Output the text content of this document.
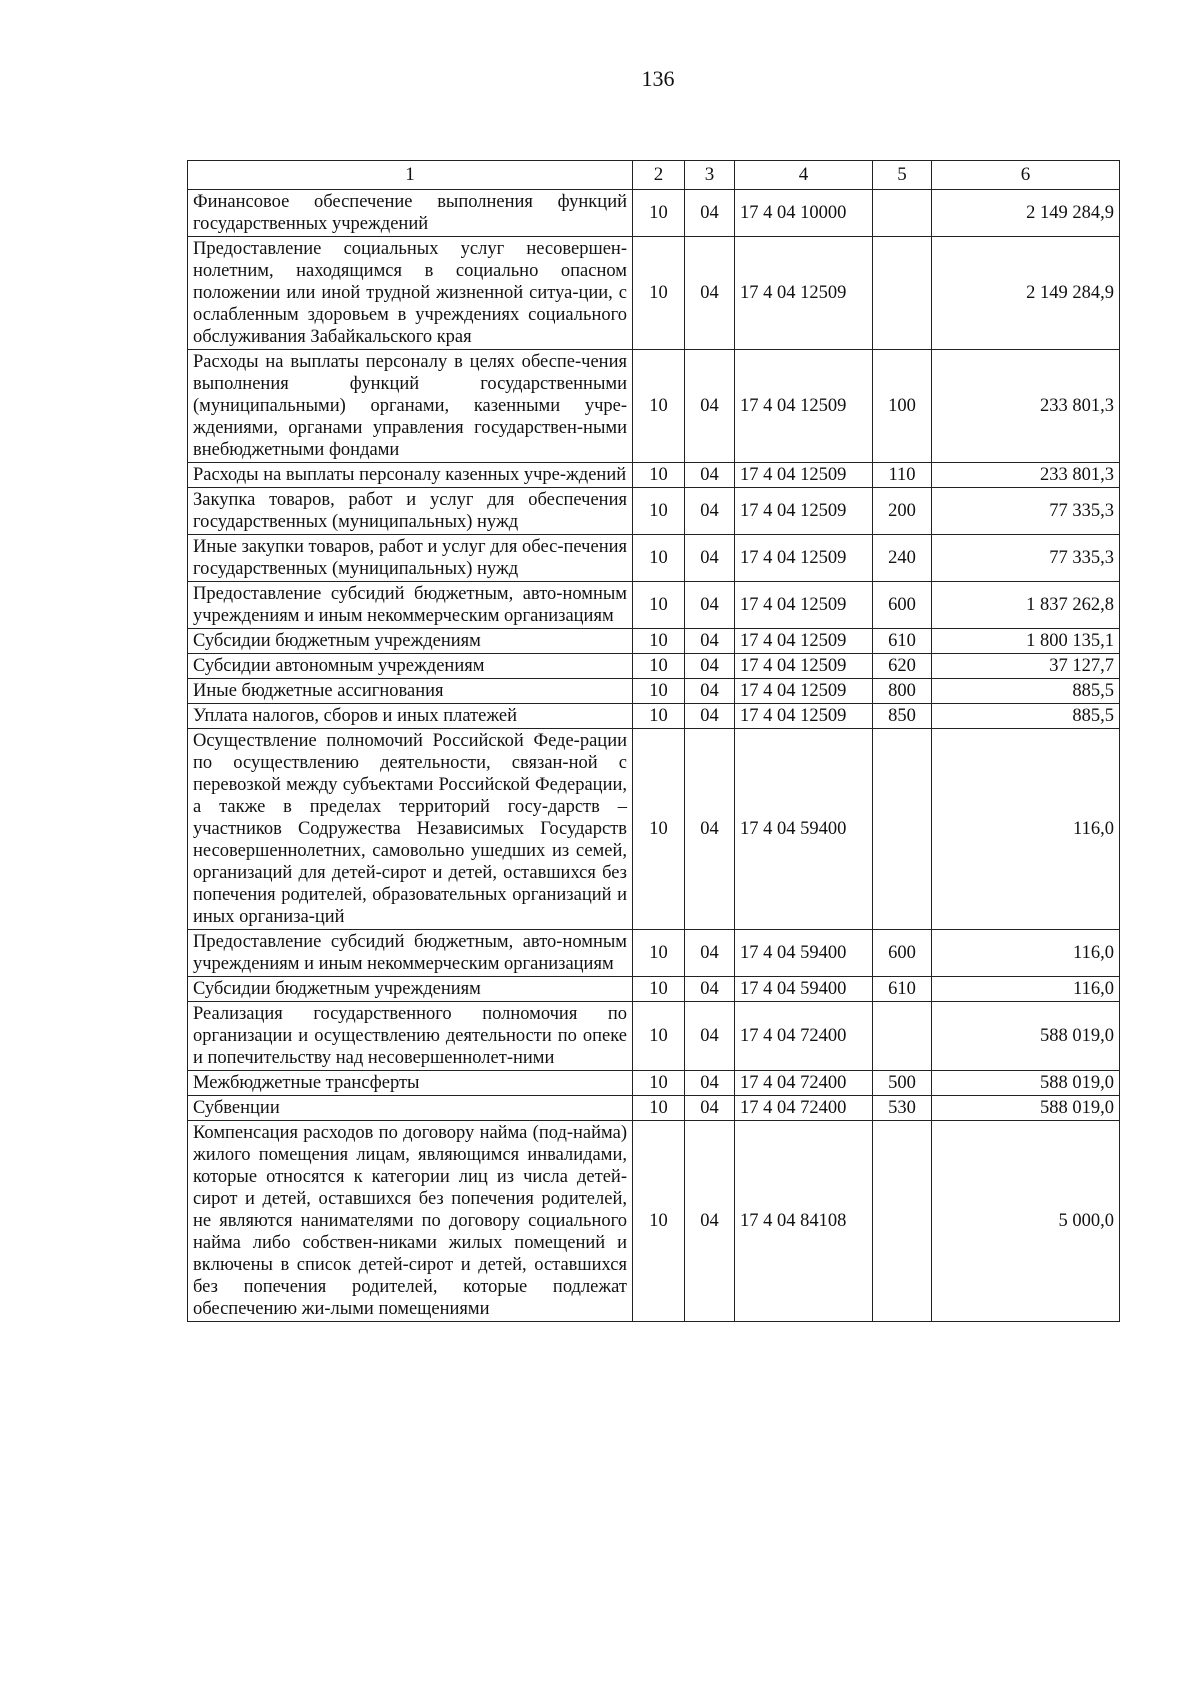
136
1	2	3	4	5	6
Финансовое обеспечение выполнения функций государственных учреждений	10	04	17 4 04 10000		2 149 284,9
Предоставление социальных услуг несовершен-нолетним, находящимся в социально опасном положении или иной трудной жизненной ситуа-ции, с ослабленным здоровьем в учреждениях социального обслуживания Забайкальского края	10	04	17 4 04 12509		2 149 284,9
Расходы на выплаты персоналу в целях обеспе-чения выполнения функций государственными (муниципальными) органами, казенными учре-ждениями, органами управления государствен-ными внебюджетными фондами	10	04	17 4 04 12509	100	233 801,3
Расходы на выплаты персоналу казенных учре-ждений	10	04	17 4 04 12509	110	233 801,3
Закупка товаров, работ и услуг для обеспечения государственных (муниципальных) нужд	10	04	17 4 04 12509	200	77 335,3
Иные закупки товаров, работ и услуг для обес-печения государственных (муниципальных) нужд	10	04	17 4 04 12509	240	77 335,3
Предоставление субсидий бюджетным, авто-номным учреждениям и иным некоммерческим организациям	10	04	17 4 04 12509	600	1 837 262,8
Субсидии бюджетным учреждениям	10	04	17 4 04 12509	610	1 800 135,1
Субсидии автономным учреждениям	10	04	17 4 04 12509	620	37 127,7
Иные бюджетные ассигнования	10	04	17 4 04 12509	800	885,5
Уплата налогов, сборов и иных платежей	10	04	17 4 04 12509	850	885,5
Осуществление полномочий Российской Феде-рации по осуществлению деятельности, связан-ной с перевозкой между субъектами Российской Федерации, а также в пределах территорий госу-дарств – участников Содружества Независимых Государств несовершеннолетних, самовольно ушедших из семей, организаций для детей-сирот и детей, оставшихся без попечения родителей, образовательных организаций и иных организа-ций	10	04	17 4 04 59400		116,0
Предоставление субсидий бюджетным, авто-номным учреждениям и иным некоммерческим организациям	10	04	17 4 04 59400	600	116,0
Субсидии бюджетным учреждениям	10	04	17 4 04 59400	610	116,0
Реализация государственного полномочия по организации и осуществлению деятельности по опеке и попечительству над несовершеннолет-ними	10	04	17 4 04 72400		588 019,0
Межбюджетные трансферты	10	04	17 4 04 72400	500	588 019,0
Субвенции	10	04	17 4 04 72400	530	588 019,0
Компенсация расходов по договору найма (под-найма) жилого помещения лицам, являющимся инвалидами, которые относятся к категории лиц из числа детей-сирот и детей, оставшихся без попечения родителей, не являются нанимателями по договору социального найма либо собствен-никами жилых помещений и включены в список детей-сирот и детей, оставшихся без попечения родителей, которые подлежат обеспечению жи-лыми помещениями	10	04	17 4 04 84108		5 000,0
